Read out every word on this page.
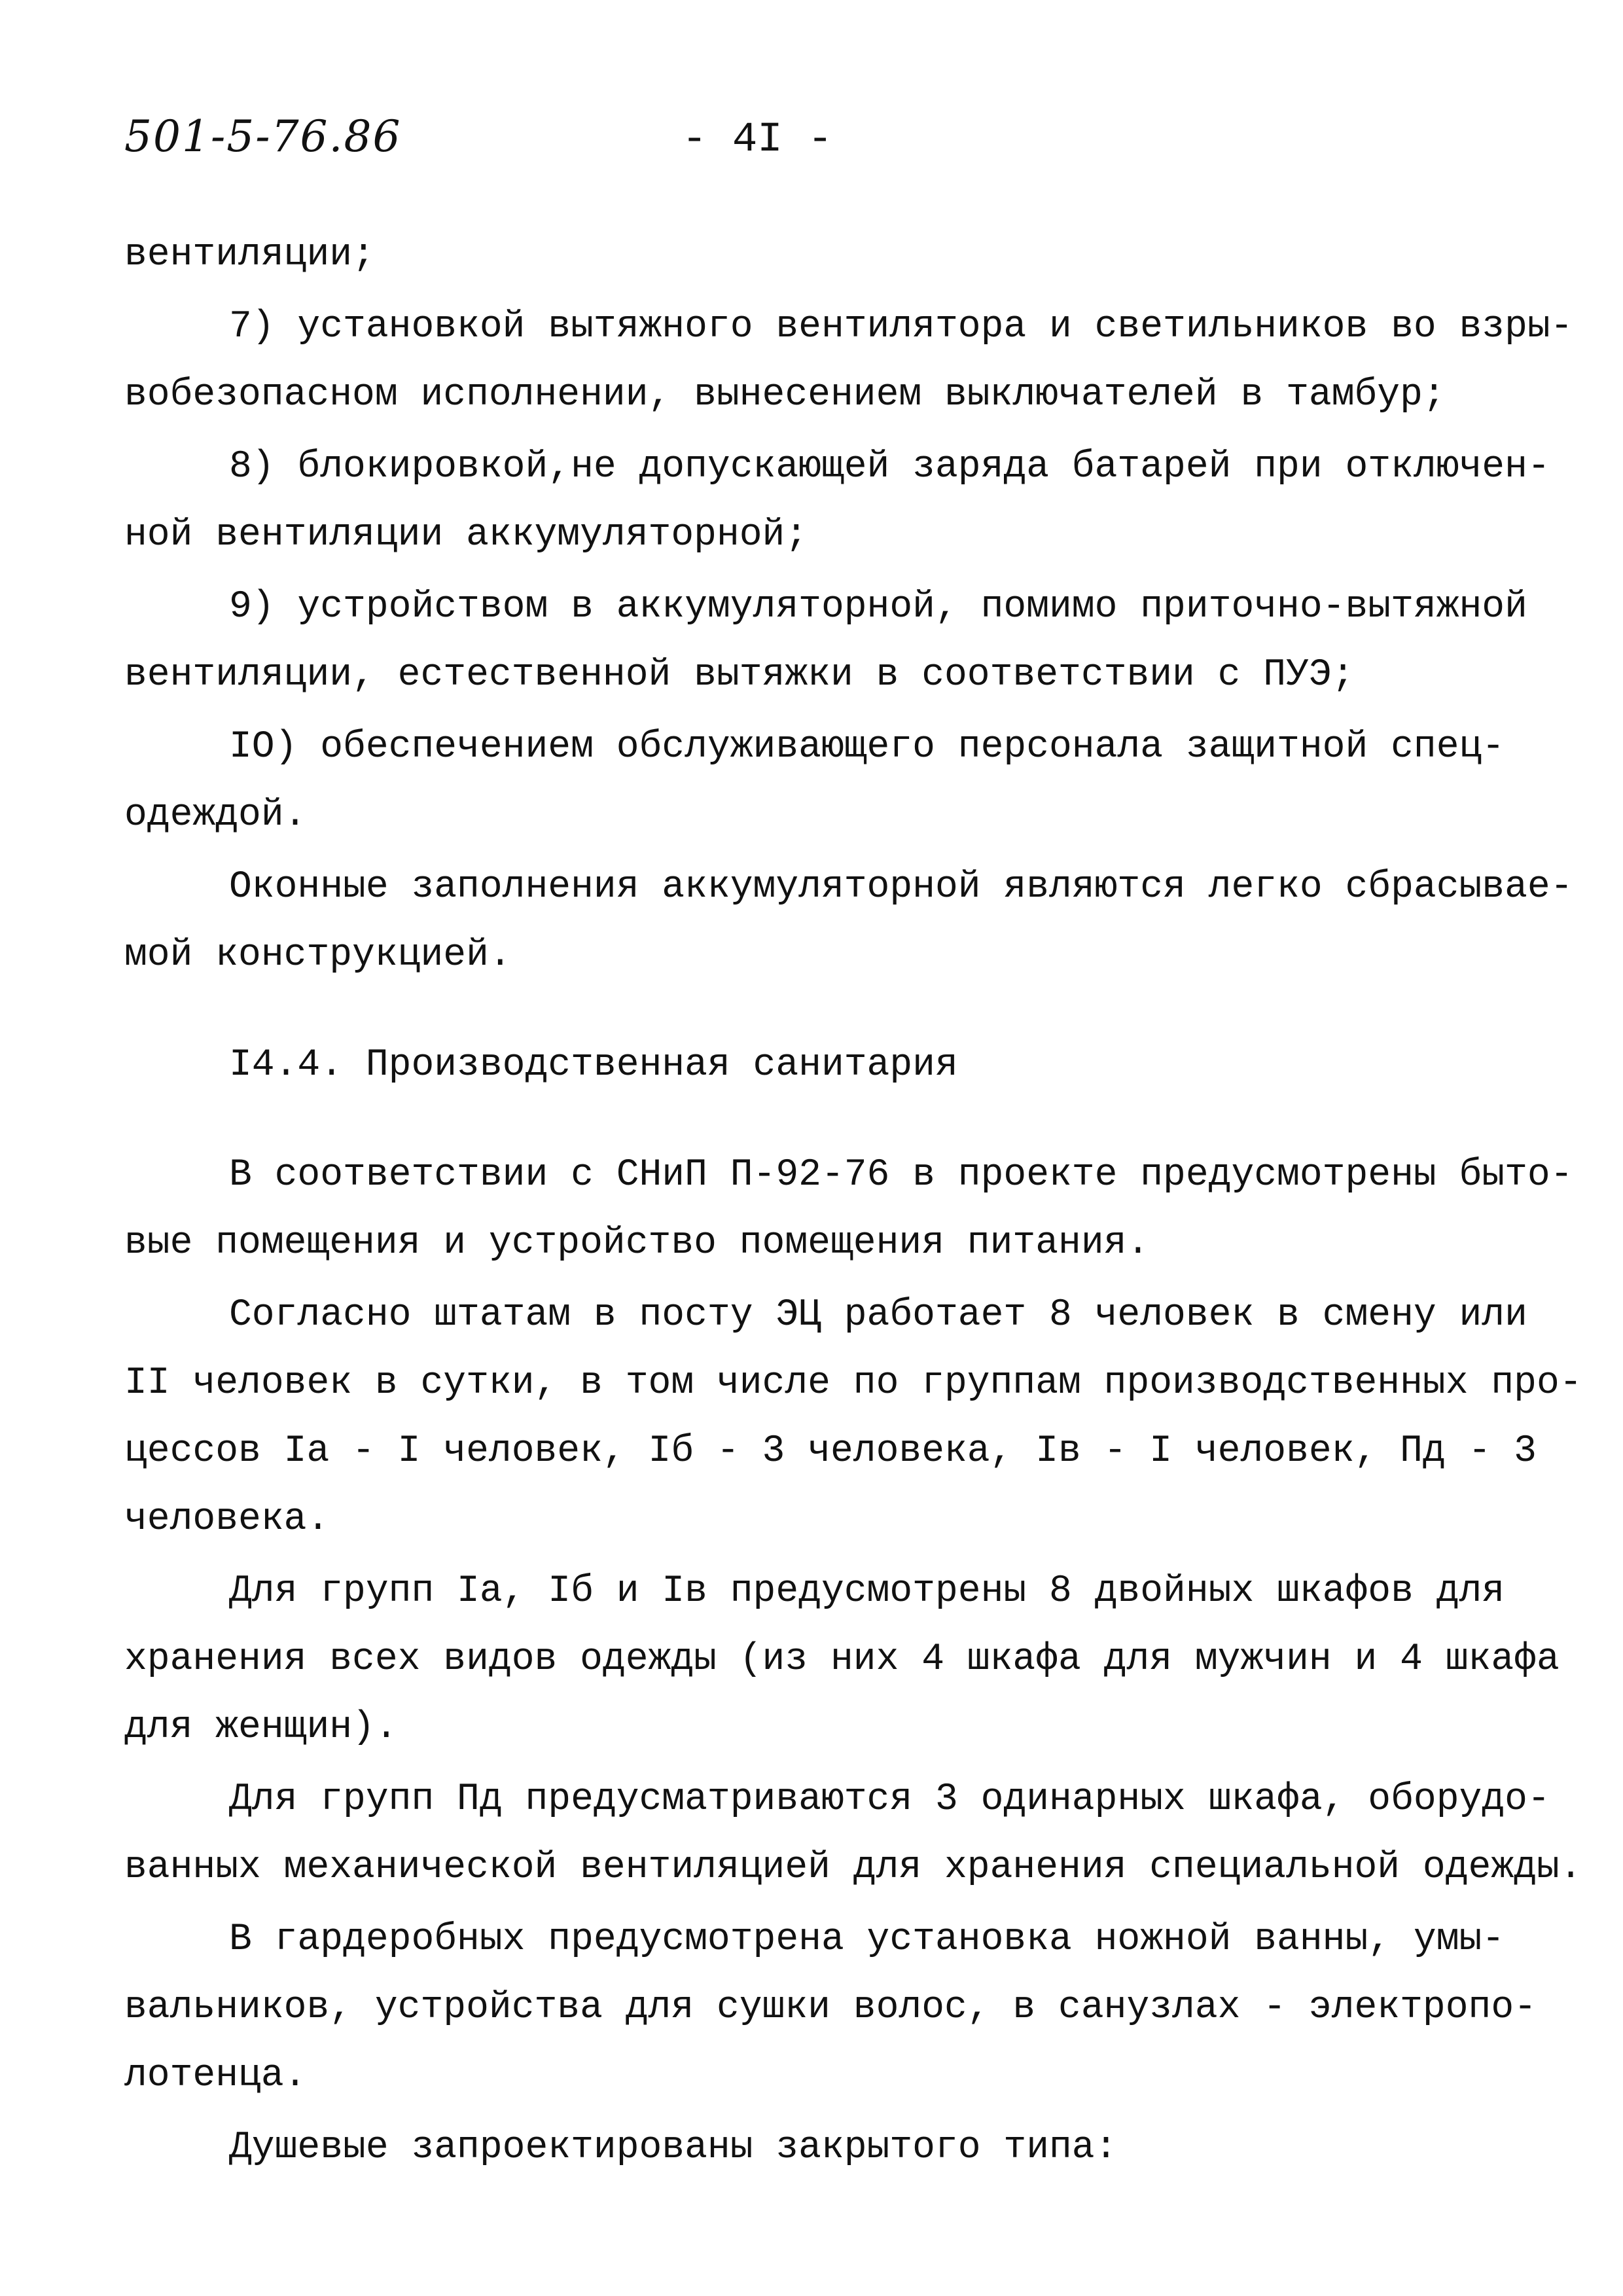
501-5-76.86	- 4I -
вентиляции;
7) установкой вытяжного вентилятора и светильников во взры-
вобезопасном исполнении, вынесением выключателей в тамбур;
8) блокировкой,не допускающей заряда батарей при отключен-
ной вентиляции аккумуляторной;
9) устройством в аккумуляторной, помимо приточно-вытяжной
вентиляции, естественной вытяжки в соответствии с ПУЭ;
IO) обеспечением обслуживающего персонала защитной спец-
одеждой.
Оконные заполнения аккумуляторной являются легко сбрасывае-
мой конструкцией.
I4.4. Производственная санитария
В соответствии с СНиП П-92-76 в проекте предусмотрены быто-
вые помещения и устройство помещения питания.
Согласно штатам в посту ЭЦ работает 8 человек в смену или
II человек в сутки, в том числе по группам производственных про-
цессов Iа - I человек, Iб - 3 человека, Iв - I человек, Пд - 3
человека.
Для групп Iа, Iб и Iв предусмотрены 8 двойных шкафов для
хранения всех видов одежды (из них 4 шкафа для мужчин и 4 шкафа
для женщин).
Для групп Пд предусматриваются 3 одинарных шкафа, оборудо-
ванных механической вентиляцией для хранения специальной одежды.
В гардеробных предусмотрена установка ножной ванны, умы-
вальников, устройства для сушки волос, в санузлах - электропо-
лотенца.
Душевые запроектированы закрытого типа:
